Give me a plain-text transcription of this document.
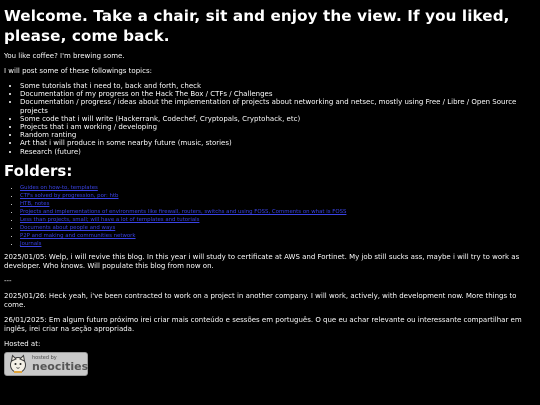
Welcome. Take a chair, sit and enjoy the view. If you liked, please, come back.

You like coffee? I'm brewing some.

I will post some of these followings topics:

• Some tutorials that i need to, back and forth, check
• Documentation of my progress on the Hack The Box / CTFs / Challenges
• Documentation / progress / ideas about the implementation of projects about networking and netsec, mostly using Free / Libre / Open Source projects
• Some code that i will write (Hackerrank, Codechef, Cryptopals, Cryptohack, etc)
• Projects that i am working / developing
• Random ranting
• Art that i will produce in some nearby future (music, stories)
• Research (future)
Folders:
• Guides on how-to, templates
• CTFs solved by progression, por: htb
• HTB, notes
• Projects and implementations of environments like firewall, routers, switchs and using FOSS, Comments on what is FOSS
• Less than projects, small; will have a lot of templates and tutorials
• Documents about people and ways
• P2P and making and communities network
• Journals

2025/01/05: Welp, i will revive this blog. In this year i will study to certificate at AWS and Fortinet. My job still sucks ass, maybe i will try to work as developer. Who knows. Will populate this blog from now on.

---

2025/01/26: Heck yeah, i've been contracted to work on a project in another company. I will work, actively, with development now. More things to come.

26/01/2025: Em algum futuro próximo irei criar mais conteúdo e sessões em português. O que eu achar relevante ou interessante compartilhar em inglês, irei criar na seção apropriada.

Hosted at:

hosted by
neocities
